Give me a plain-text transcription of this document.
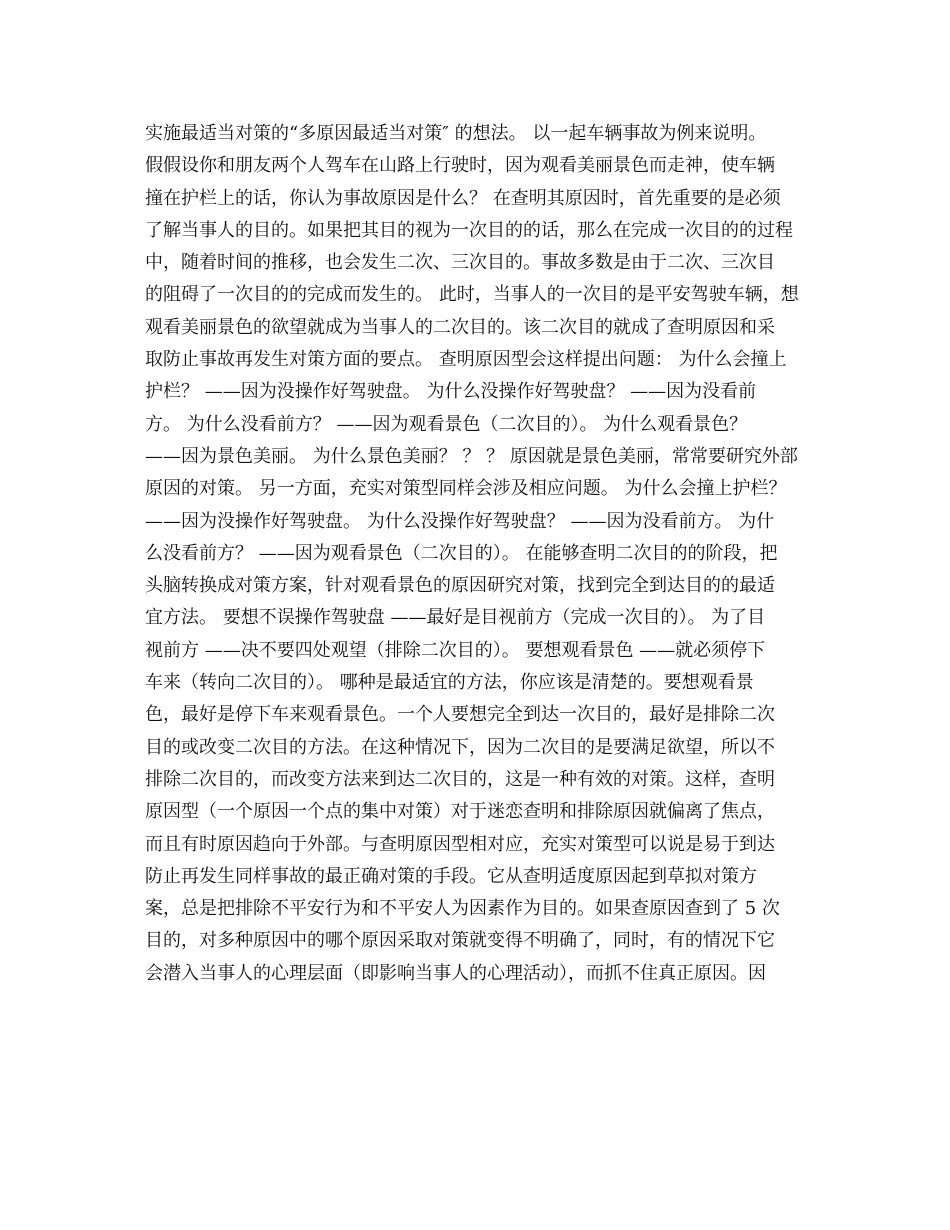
实施最适当对策的“多原因最适当对策″ 的想法。 以一起车辆事故为例来说明。
假假设你和朋友两个人驾车在山路上行驶时，因为观看美丽景色而走神，使车辆
撞在护栏上的话，你认为事故原因是什么？ 在查明其原因时，首先重要的是必须
了解当事人的目的。如果把其目的视为一次目的的话，那么在完成一次目的的过程
中，随着时间的推移，也会发生二次、三次目的。事故多数是由于二次、三次目
的阻碍了一次目的的完成而发生的。 此时，当事人的一次目的是平安驾驶车辆，想
观看美丽景色的欲望就成为当事人的二次目的。该二次目的就成了查明原因和采
取防止事故再发生对策方面的要点。 查明原因型会这样提出问题： 为什么会撞上
护栏？ ——因为没操作好驾驶盘。 为什么没操作好驾驶盘？ ——因为没看前
方。 为什么没看前方？ ——因为观看景色（二次目的）。 为什么观看景色？
——因为景色美丽。 为什么景色美丽？ ？ ？ 原因就是景色美丽，常常要研究外部
原因的对策。 另一方面，充实对策型同样会涉及相应问题。 为什么会撞上护栏？
——因为没操作好驾驶盘。 为什么没操作好驾驶盘？ ——因为没看前方。 为什
么没看前方？ ——因为观看景色（二次目的）。 在能够查明二次目的的阶段，把
头脑转换成对策方案，针对观看景色的原因研究对策，找到完全到达目的的最适
宜方法。 要想不误操作驾驶盘 ——最好是目视前方（完成一次目的）。 为了目
视前方 ——决不要四处观望（排除二次目的）。 要想观看景色 ——就必须停下
车来（转向二次目的）。 哪种是最适宜的方法，你应该是清楚的。要想观看景
色，最好是停下车来观看景色。一个人要想完全到达一次目的，最好是排除二次
目的或改变二次目的方法。在这种情况下，因为二次目的是要满足欲望，所以不
排除二次目的，而改变方法来到达二次目的，这是一种有效的对策。这样，查明
原因型（一个原因一个点的集中对策）对于迷恋查明和排除原因就偏离了焦点，
而且有时原因趋向于外部。与查明原因型相对应，充实对策型可以说是易于到达
防止再发生同样事故的最正确对策的手段。它从查明适度原因起到草拟对策方
案，总是把排除不平安行为和不平安人为因素作为目的。如果查原因查到了 5 次
目的，对多种原因中的哪个原因采取对策就变得不明确了，同时，有的情况下它
会潜入当事人的心理层面（即影响当事人的心理活动），而抓不住真正原因。因
